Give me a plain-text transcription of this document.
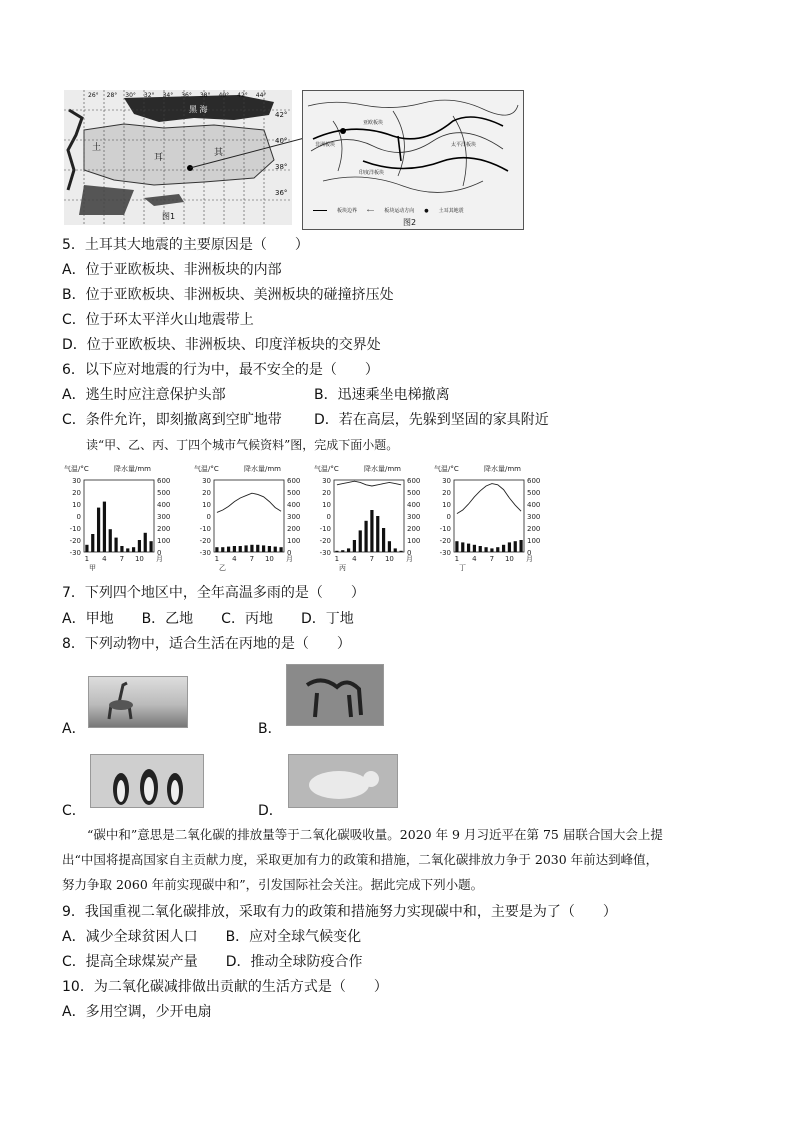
黑 海
土
耳	其
图1
42°
40°
38°
36°
26° 28° 30° 32° 34° 36° 38° 40° 42° 44°
亚欧板块
太平洋板块
非洲板块
印度洋板块
板块边界 ⟵ 板块运动方向 ● 土耳其地震
图2
5．土耳其大地震的主要原因是（　　）
A．位于亚欧板块、非洲板块的内部
B．位于亚欧板块、非洲板块、美洲板块的碰撞挤压处
C．位于环太平洋火山地震带上
D．位于亚欧板块、非洲板块、印度洋板块的交界处
6．以下应对地震的行为中，最不安全的是（　　）
A．逃生时应注意保护头部	B．迅速乘坐电梯撤离
C．条件允许，即刻撤离到空旷地带 D．若在高层，先躲到坚固的家具附近
读“甲、乙、丙、丁四个城市气候资料”图，完成下面小题。
气温/°C	降水量/mm
30
20
10
0
-10
-20
-30
600
500
400
300
200
100
0
1 4 7 10 月
甲
气温/°C	降水量/mm
30
20
10
0
-10
-20
-30
600
500
400
300
200
100
0
1 4 7 10 月
乙
气温/°C	降水量/mm
30
20
10
0
-10
-20
-30
600
500
400
300
200
100
0
1 4 7 10 月
丙
气温/°C	降水量/mm
30
20
10
0
-10
-20
-30
600
500
400
300
200
100
0
1 4 7 10 月
丁
7．下列四个地区中，全年高温多雨的是（　　）
A．甲地　　B．乙地　　C．丙地　　D．丁地
8．下列动物中，适合生活在丙地的是（　　）
A．	B．
C．	D．

“碳中和”意思是二氧化碳的排放量等于二氧化碳吸收量。2020 年 9 月习近平在第 75 届联合国大会上提

出“中国将提高国家自主贡献力度，采取更加有力的政策和措施，二氧化碳排放力争于 2030 年前达到峰值，

努力争取 2060 年前实现碳中和”，引发国际社会关注。据此完成下列小题。

9．我国重视二氧化碳排放，采取有力的政策和措施努力实现碳中和，主要是为了（　　）
A．减少全球贫困人口　　B．应对全球气候变化
C．提高全球煤炭产量　　D．推动全球防疫合作
10．为二氧化碳减排做出贡献的生活方式是（　　）
A．多用空调，少开电扇
